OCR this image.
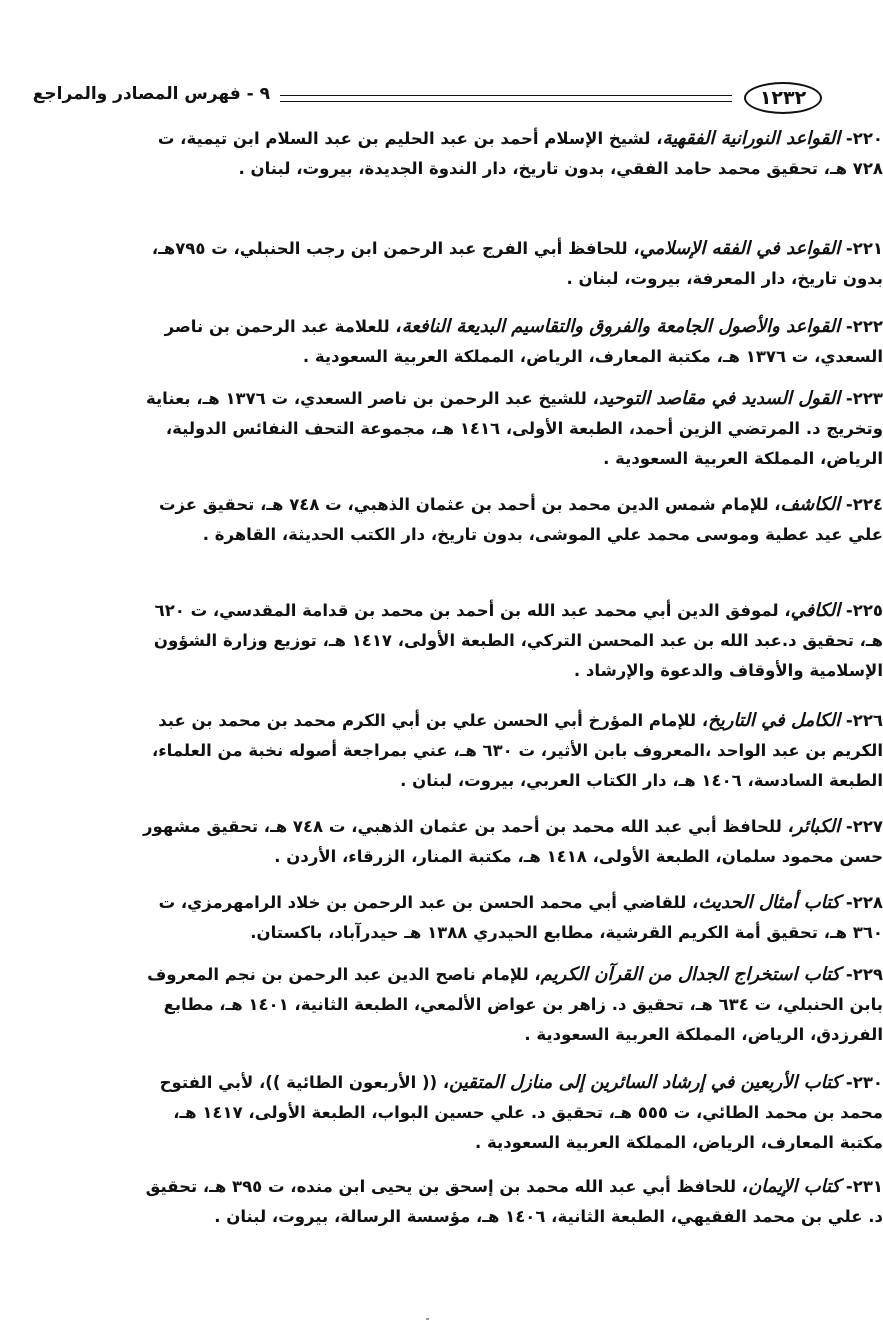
١٢٣٢
٩ - فهرس المصادر والمراجع
٢٢٠- القواعد النورانية الفقهية، لشيخ الإسلام أحمد بن عبد الحليم بن عبد السلام ابن تيمية، ت ٧٢٨ هـ، تحقيق محمد حامد الفقي، بدون تاريخ، دار الندوة الجديدة، بيروت، لبنان .
٢٢١- القواعد في الفقه الإسلامي، للحافظ أبي الفرج عبد الرحمن ابن رجب الحنبلي، ت ٧٩٥هـ، بدون تاريخ، دار المعرفة، بيروت، لبنان .
٢٢٢- القواعد والأصول الجامعة والفروق والتقاسيم البديعة النافعة، للعلامة عبد الرحمن بن ناصر السعدي، ت ١٣٧٦ هـ، مكتبة المعارف، الرياض، المملكة العربية السعودية .
٢٢٣- القول السديد في مقاصد التوحيد، للشيخ عبد الرحمن بن ناصر السعدي، ت ١٣٧٦ هـ، بعناية وتخريج د. المرتضي الزين أحمد، الطبعة الأولى، ١٤١٦ هـ، مجموعة التحف النفائس الدولية، الرياض، المملكة العربية السعودية .
٢٢٤- الكاشف، للإمام شمس الدين محمد بن أحمد بن عثمان الذهبي، ت ٧٤٨ هـ، تحقيق عزت علي عيد عطية وموسى محمد علي الموشى، بدون تاريخ، دار الكتب الحديثة، القاهرة .
٢٢٥- الكافي، لموفق الدين أبي محمد عبد الله بن أحمد بن محمد بن قدامة المقدسي، ت ٦٢٠ هـ، تحقيق د.عبد الله بن عبد المحسن التركي، الطبعة الأولى، ١٤١٧ هـ، توزيع وزارة الشؤون الإسلامية والأوقاف والدعوة والإرشاد .
٢٢٦- الكامل في التاريخ، للإمام المؤرخ أبي الحسن علي بن أبي الكرم محمد بن محمد بن عبد الكريم بن عبد الواحد ،المعروف بابن الأثير، ت ٦٣٠ هـ، عني بمراجعة أصوله نخبة من العلماء، الطبعة السادسة، ١٤٠٦ هـ، دار الكتاب العربي، بيروت، لبنان .
٢٢٧- الكبائر، للحافظ أبي عبد الله محمد بن أحمد بن عثمان الذهبي، ت ٧٤٨ هـ، تحقيق مشهور حسن محمود سلمان، الطبعة الأولى، ١٤١٨ هـ، مكتبة المنار، الزرقاء، الأردن .
٢٢٨- كتاب أمثال الحديث، للقاضي أبي محمد الحسن بن عبد الرحمن بن خلاد الرامهرمزي، ت ٣٦٠ هـ، تحقيق أمة الكريم القرشية، مطابع الحيدري ١٣٨٨ هـ حيدرآباد، باكستان.
٢٢٩- كتاب استخراج الجدال من القرآن الكريم، للإمام ناصح الدين عبد الرحمن بن نجم المعروف بابن الحنبلي، ت ٦٣٤ هـ، تحقيق د. زاهر بن عواض الألمعي، الطبعة الثانية، ١٤٠١ هـ، مطابع الفرزدق، الرياض، المملكة العربية السعودية .
٢٣٠- كتاب الأربعين في إرشاد السائرين إلى منازل المتقين، (( الأربعون الطائية ))، لأبي الفتوح محمد بن محمد الطائي، ت ٥٥٥ هـ، تحقيق د. علي حسين البواب، الطبعة الأولى، ١٤١٧ هـ، مكتبة المعارف، الرياض، المملكة العربية السعودية .
٢٣١- كتاب الإيمان، للحافظ أبي عبد الله محمد بن إسحق بن يحيى ابن منده، ت ٣٩٥ هـ، تحقيق د. علي بن محمد الفقيهي، الطبعة الثانية، ١٤٠٦ هـ، مؤسسة الرسالة، بيروت، لبنان .
